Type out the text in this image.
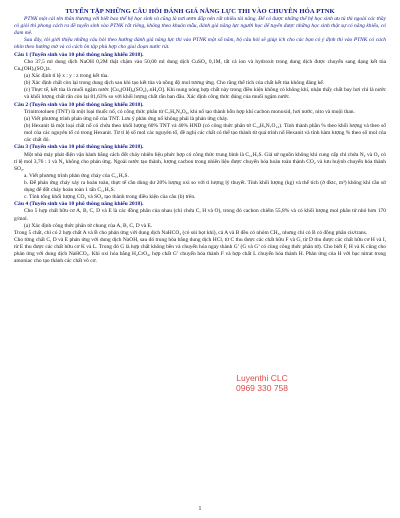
TUYỂN TẬP NHỮNG CÂU HỎI ĐÁNH GIÁ NĂNG LỰC THI VÀO CHUYÊN HÓA PTNK

PTNK một cái tên thân thương với biết bao thế hệ học sinh và cũng là nơi ươm đắp nên rất nhiều tài năng. Để có được những thế hệ học sinh ưu tú thì ngoài các thầy cô giỏi thì phong cách ra đề tuyển sinh vào PTNK rất riêng, không theo khuôn mẫu, đánh giá năng lực người học để tuyển được những học sinh thật sự có năng khiếu, có đam mê.

Sau đây, tôi giới thiệu những câu hỏi theo hướng đánh giá năng lực thi vào PTNK một số năm, bộ câu hỏi sẽ giúp ích cho các bạn có ý định thi vào PTNK có cách nhìn theo hướng mở và có cách ôn tập phù hợp cho giai đoạn nước rút.

Câu 1 (Tuyển sinh vào 10 phổ thông năng khiếu 2018).

Cho 37,5 ml dung dịch NaOH 0,2M thật chậm vào 50,00 ml dung dịch CuSO₄ 0,1M, tất cả ion và hydroxit trong dung dịch được chuyển sang dạng kết tủa Cuₓ(OH)ᵧ(SO₄)z.

(a) Xác định tỉ lệ x : y : z trong kết tủa.

(b) Xác định chất còn lại trong dung dịch sau khi tạo kết tủa và nồng độ mol tương ứng. Cho rằng thể tích của chất kết tủa không đáng kể.

(c) Thực tế, kết tủa là muối ngậm nước [Cu₄(OH)₆(SO₄)₁.nH₂O]. Khi nung nóng hợp chất này trong điều kiện không có không khí, nhận thấy chất bay hơi chỉ là nước và khối lượng chất rắn còn lại 81,63% so với khối lượng chất rắn ban đầu. Xác định công thức đúng của muối ngậm nước.

Câu 2 (Tuyển sinh vào 10 phổ thông năng khiếu 2018).

Trinitrotoluen (TNT) là một loại thuốc nổ, có công thức phân tử C₇H₅N₃O₆, khi nổ tạo thành hỗn hợp khí cacbon monoxid, hơi nước, nito và muội than.

(a) Viết phương trình phản ứng nổ của TNT. Lưu ý phản ứng nổ không phải là phản ứng cháy.

(b) Hexanit là một loại chất nổ có chứa theo khối lượng 60% TNT và 40% HND (có công thức phân tử C₁₂H₅N₇O₁₂). Tính thành phần % theo khối lượng và theo số mol của các nguyên tố có trong Hexanit. Từ tỉ lệ số mol các nguyên tố, đề nghị các chất có thể tạo thành từ quá trình nổ Hexanit và tính hàm lượng % theo số mol của các chất đó.

Câu 3 (Tuyển sinh vào 10 phổ thông năng khiếu 2018).

Một nhà máy phát điện vận hành bằng cách đốt cháy nhiên liệu phức hợp có công thức trung bình là C₁₁H₇S. Giả sử nguồn không khí cung cấp chỉ chứa N₂ và O₂ có tỉ lệ mol 3,76 : 1 và N₂ không cho phản ứng. Ngoài nước tạo thành, lượng cacbon trong nhiên liệu được chuyển hóa hoàn toàn thành CO₂ và lưu huỳnh chuyển hóa thành SO₂.

a. Viết phương trình phản ứng cháy của C₁₁H₇S.

b. Để phản ứng cháy xảy ra hoàn toàn, thực tế cần dùng dư 20% lượng oxi so với tỉ lượng lý thuyết. Tính khối lượng (kg) và thể tích (ở đktc, m³) không khí cần sử dụng để đốt cháy hoàn toàn 1 tấn C₁₁H₇S.

c. Tính tổng khối lượng CO₂ và SO₂ tạo thành trong điều kiện của câu (b) trên.

Câu 4 (Tuyển sinh vào 10 phổ thông năng khiếu 2018).

Cho 5 hợp chất hữu cơ A, B, C, D và E là các đồng phân của nhau (chỉ chứa C, H và O), trong đó cacbon chiếm 55,8% và có khối lượng mol phân tử nhỏ hơn 170 g/mol.

(a) Xác định công thức phân tử chung của A, B, C, D và E.

Trong 5 chất, chỉ có 2 hợp chất A và B cho phản ứng với dung dịch NaHCO₃ (có sủi bọt khí), cả A và B đều có nhóm CH₃, nhưng chỉ có B có đồng phân cis/trans.

Cho từng chất C, D và E phản ứng với dung dịch NaOH, sau đó trung hòa bằng dung dịch HCl, từ C thu được các chất hữu F và G, từ D thu được các chất hữu cơ H và I, từ E thu được các chất hữu cơ K và L. Trong đó G là hợp chất không bền và chuyển hóa ngay thành G’ (G và G’ có cùng công thức phân tử). Cho biết F, H và K cũng cho phản ứng với dung dịch NaHCO₃. Khi oxi hóa bằng H₂CrO₄, hợp chất G’ chuyển hóa thành F và hợp chất L chuyển hóa thành H. Phản ứng của H với bạc nitrat trong amoniac cho tạo thành các chất vô cơ.

Luyenthi CLC
0969 330 758
1
